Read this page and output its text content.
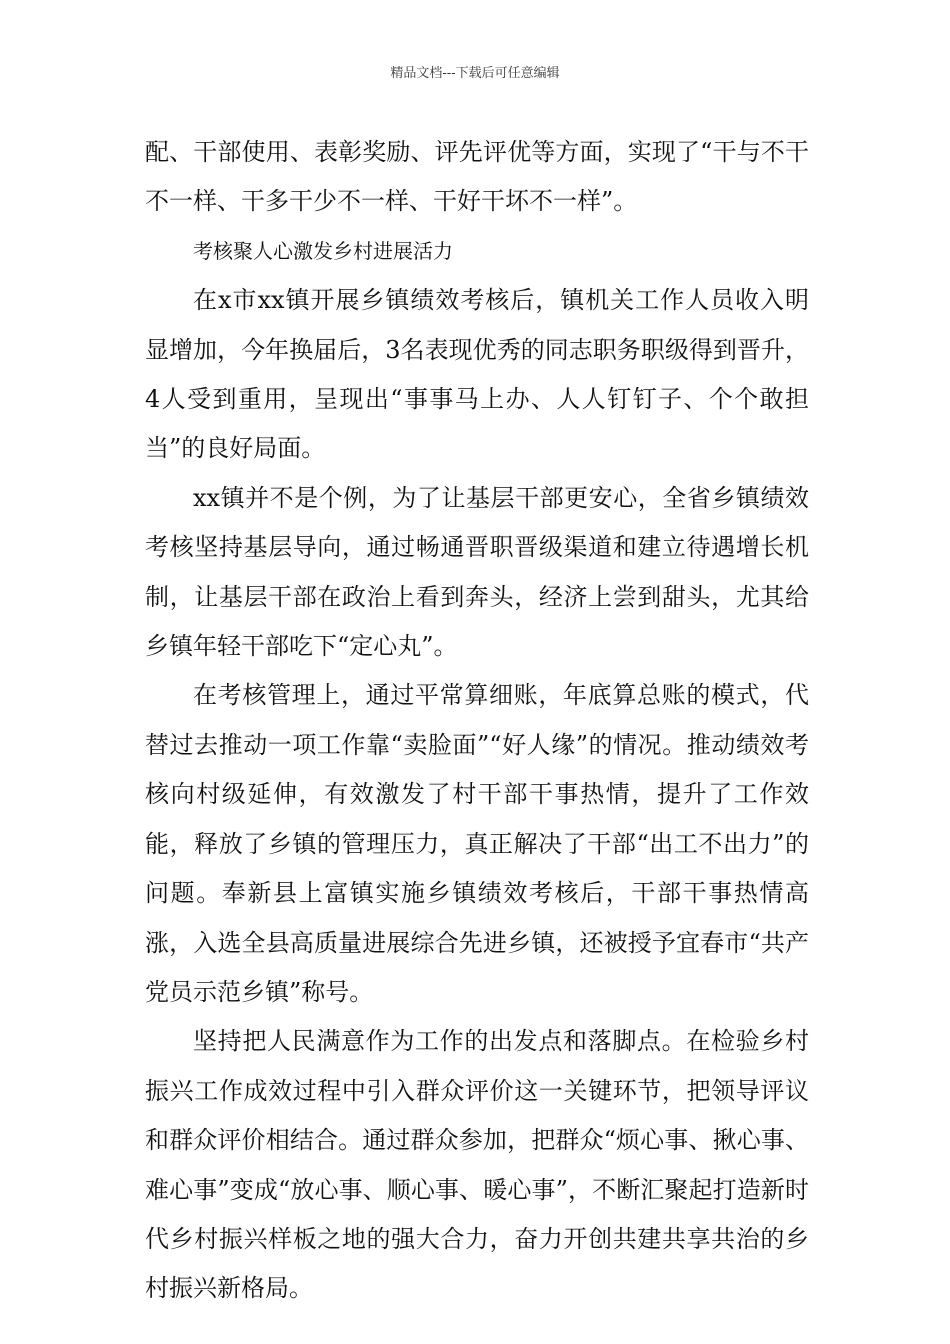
精品文档---下载后可任意编辑

配、干部使用、表彰奖励、评先评优等方面，实现了“干与不干不一样、干多干少不一样、干好干坏不一样”。

考核聚人心激发乡村进展活力

在x市xx镇开展乡镇绩效考核后，镇机关工作人员收入明显增加，今年换届后，3名表现优秀的同志职务职级得到晋升，4人受到重用，呈现出“事事马上办、人人钉钉子、个个敢担当”的良好局面。

xx镇并不是个例，为了让基层干部更安心，全省乡镇绩效考核坚持基层导向，通过畅通晋职晋级渠道和建立待遇增长机制，让基层干部在政治上看到奔头，经济上尝到甜头，尤其给乡镇年轻干部吃下“定心丸”。

在考核管理上，通过平常算细账，年底算总账的模式，代替过去推动一项工作靠“卖脸面”“好人缘”的情况。推动绩效考核向村级延伸，有效激发了村干部干事热情，提升了工作效能，释放了乡镇的管理压力，真正解决了干部“出工不出力”的问题。奉新县上富镇实施乡镇绩效考核后，干部干事热情高涨，入选全县高质量进展综合先进乡镇，还被授予宜春市“共产党员示范乡镇”称号。

坚持把人民满意作为工作的出发点和落脚点。在检验乡村振兴工作成效过程中引入群众评价这一关键环节，把领导评议和群众评价相结合。通过群众参加，把群众“烦心事、揪心事、难心事”变成“放心事、顺心事、暖心事”，不断汇聚起打造新时代乡村振兴样板之地的强大合力，奋力开创共建共享共治的乡村振兴新格局。
